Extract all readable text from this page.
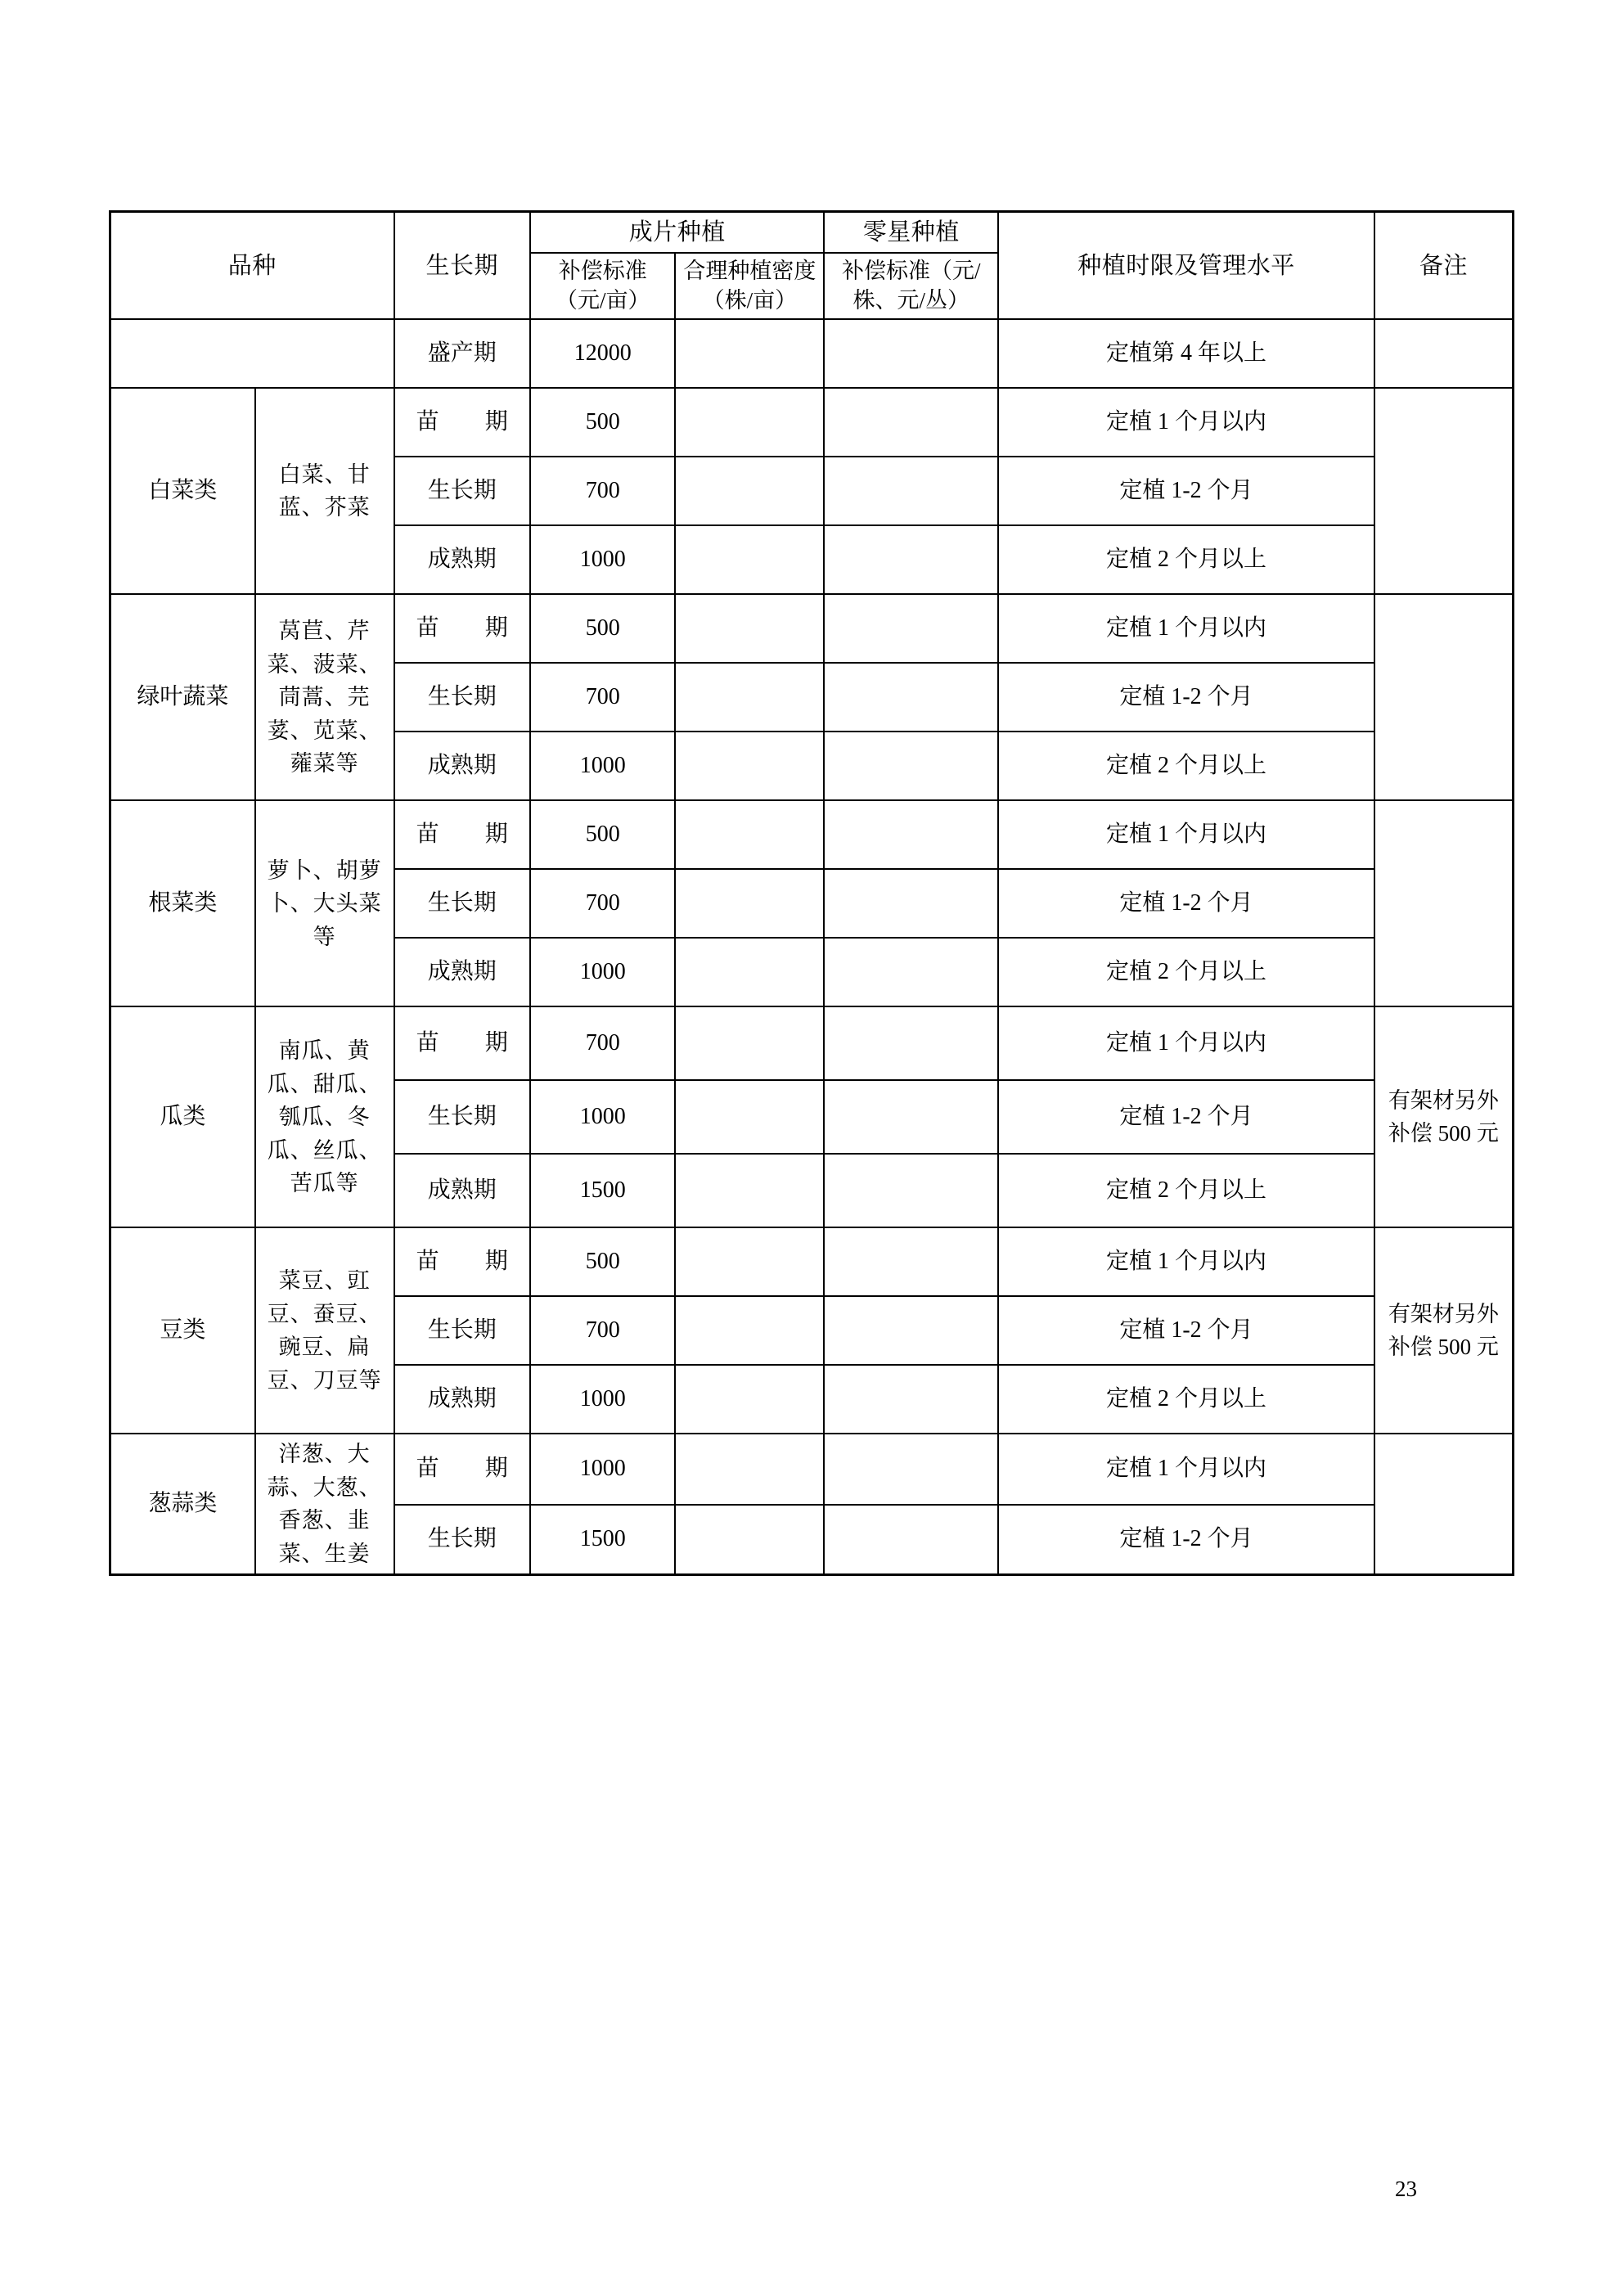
品种		生长期	成片种植		零星种植	种植时限及管理水平	备注
			补偿标准（元/亩）	合理种植密度（株/亩）	补偿标准（元/株、元/丛）		
		盛产期	12000			定植第 4 年以上	
白菜类	白菜、甘蓝、芥菜	苗　　期	500			定植 1 个月以内	
		生长期	700			定植 1-2 个月	
		成熟期	1000			定植 2 个月以上	
绿叶蔬菜	莴苣、芹菜、菠菜、茼蒿、芫荽、苋菜、蕹菜等	苗　　期	500			定植 1 个月以内	
		生长期	700			定植 1-2 个月	
		成熟期	1000			定植 2 个月以上	
根菜类	萝卜、胡萝卜、大头菜等	苗　　期	500			定植 1 个月以内	
		生长期	700			定植 1-2 个月	
		成熟期	1000			定植 2 个月以上	
瓜类	南瓜、黄瓜、甜瓜、瓠瓜、冬瓜、丝瓜、苦瓜等	苗　　期	700			定植 1 个月以内	有架材另外补偿 500 元
		生长期	1000			定植 1-2 个月	
		成熟期	1500			定植 2 个月以上	
豆类	菜豆、豇豆、蚕豆、豌豆、扁豆、刀豆等	苗　　期	500			定植 1 个月以内	有架材另外补偿 500 元
		生长期	700			定植 1-2 个月	
		成熟期	1000			定植 2 个月以上	
葱蒜类	洋葱、大蒜、大葱、香葱、韭菜、生姜	苗　　期	1000			定植 1 个月以内	
		生长期	1500			定植 1-2 个月	
23
